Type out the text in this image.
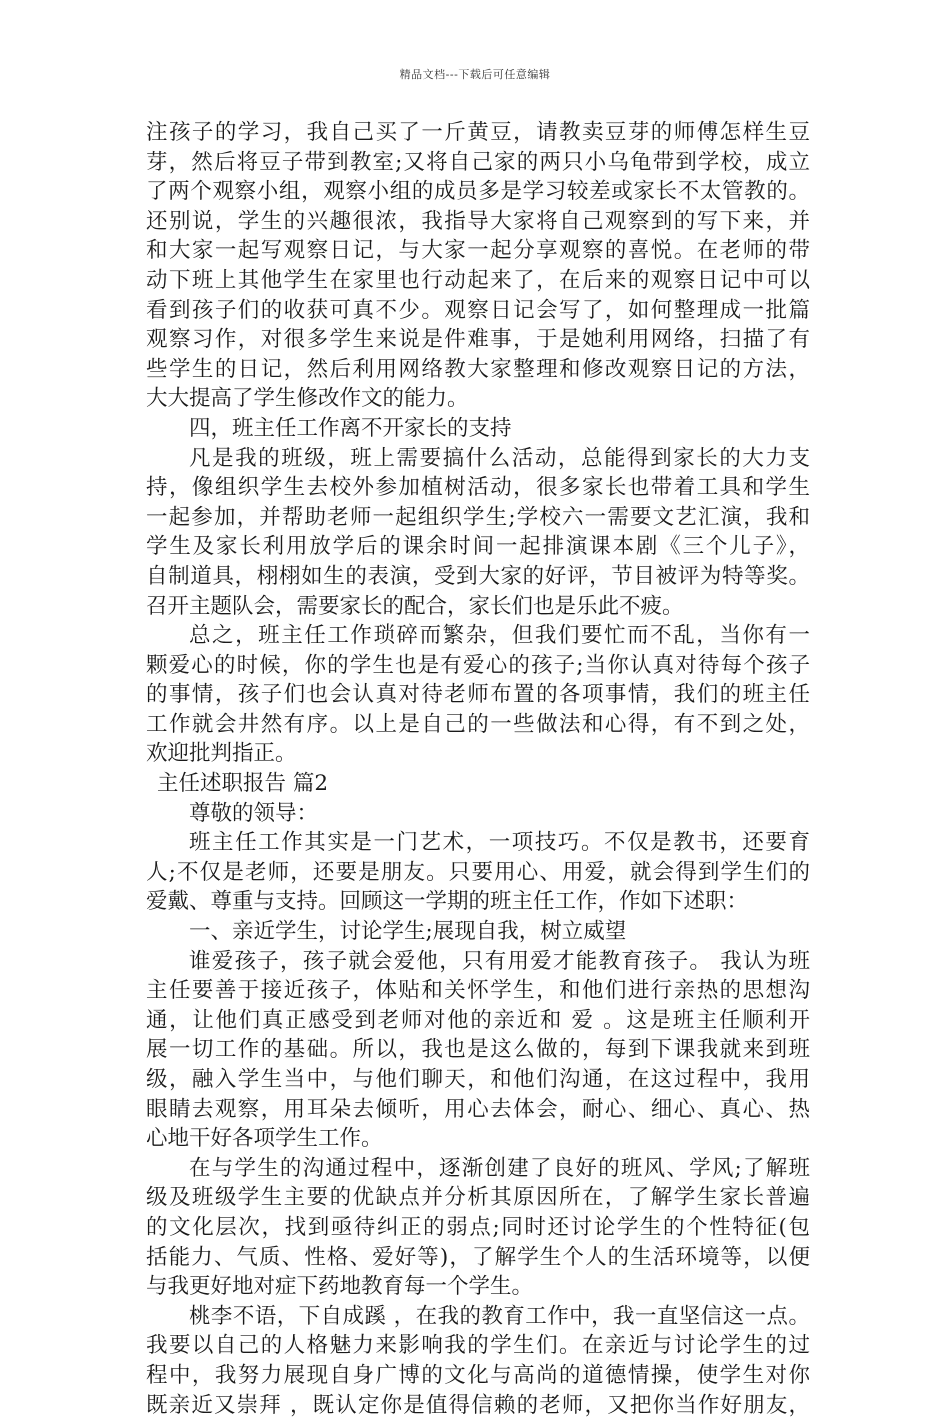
精品文档---下载后可任意编辑
注孩子的学习，我自己买了一斤黄豆，请教卖豆芽的师傅怎样生豆
芽，然后将豆子带到教室;又将自己家的两只小乌龟带到学校，成立
了两个观察小组，观察小组的成员多是学习较差或家长不太管教的。
还别说，学生的兴趣很浓，我指导大家将自己观察到的写下来，并
和大家一起写观察日记，与大家一起分享观察的喜悦。在老师的带
动下班上其他学生在家里也行动起来了，在后来的观察日记中可以
看到孩子们的收获可真不少。观察日记会写了，如何整理成一批篇
观察习作，对很多学生来说是件难事，于是她利用网络，扫描了有
些学生的日记，然后利用网络教大家整理和修改观察日记的方法，
大大提高了学生修改作文的能力。
四，班主任工作离不开家长的支持
凡是我的班级，班上需要搞什么活动，总能得到家长的大力支
持，像组织学生去校外参加植树活动，很多家长也带着工具和学生
一起参加，并帮助老师一起组织学生;学校六一需要文艺汇演，我和
学生及家长利用放学后的课余时间一起排演课本剧《三个儿子》，
自制道具，栩栩如生的表演，受到大家的好评，节目被评为特等奖。
召开主题队会，需要家长的配合，家长们也是乐此不疲。
总之，班主任工作琐碎而繁杂，但我们要忙而不乱，当你有一
颗爱心的时候，你的学生也是有爱心的孩子;当你认真对待每个孩子
的事情，孩子们也会认真对待老师布置的各项事情，我们的班主任
工作就会井然有序。以上是自己的一些做法和心得，有不到之处，
欢迎批判指正。
主任述职报告 篇2
尊敬的领导：
班主任工作其实是一门艺术，一项技巧。不仅是教书，还要育
人;不仅是老师，还要是朋友。只要用心、用爱，就会得到学生们的
爱戴、尊重与支持。回顾这一学期的班主任工作，作如下述职：
一、亲近学生，讨论学生;展现自我，树立威望
谁爱孩子，孩子就会爱他，只有用爱才能教育孩子。 我认为班
主任要善于接近孩子，体贴和关怀学生，和他们进行亲热的思想沟
通，让他们真正感受到老师对他的亲近和 爱 。这是班主任顺利开
展一切工作的基础。所以，我也是这么做的，每到下课我就来到班
级，融入学生当中，与他们聊天，和他们沟通，在这过程中，我用
眼睛去观察，用耳朵去倾听，用心去体会，耐心、细心、真心、热
心地干好各项学生工作。
在与学生的沟通过程中，逐渐创建了良好的班风、学风;了解班
级及班级学生主要的优缺点并分析其原因所在，了解学生家长普遍
的文化层次，找到亟待纠正的弱点;同时还讨论学生的个性特征(包
括能力、气质、性格、爱好等)，了解学生个人的生活环境等，以便
与我更好地对症下药地教育每一个学生。
桃李不语，下自成蹊 ，在我的教育工作中，我一直坚信这一点。
我要以自己的人格魅力来影响我的学生们。在亲近与讨论学生的过
程中，我努力展现自身广博的文化与高尚的道德情操，使学生对你
既亲近又崇拜 ，既认定你是值得信赖的老师，又把你当作好朋友，
